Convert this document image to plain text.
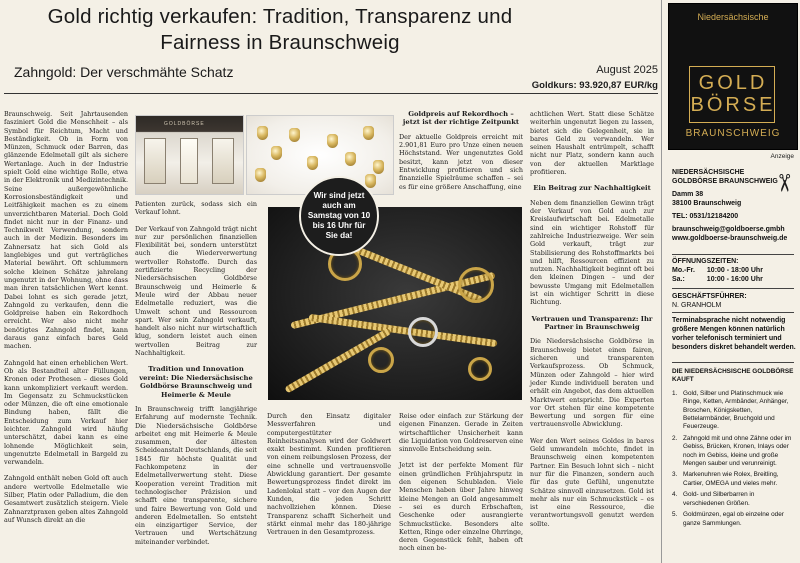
Gold richtig verkaufen: Tradition, Transparenz und
Fairness in Braunschweig
Zahngold: Der verschmähte Schatz	August 2025
Goldkurs: 93.920,87 EUR/kg

Braunschweig. Seit Jahrtausenden fasziniert Gold die Menschheit – als Symbol für Reichtum, Macht und Beständigkeit. Ob in Form von Münzen, Schmuck oder Barren, das glänzende Edelmetall gilt als sichere Wertanlage. Auch in der Industrie spielt Gold eine wichtige Rolle, etwa in der Elektronik und Medizintechnik. Seine außergewöhnliche Korrosionsbeständigkeit und Leitfähigkeit machen es zu einem unverzichtbaren Material. Doch Gold findet nicht nur in der Finanz- und Technikwelt Verwendung, sondern auch in der Medizin. Besonders im Zahnersatz hat sich Gold als langlebiges und gut verträgliches Material bewährt. Oft schlummern solche kleinen Schätze jahrelang ungenutzt in der Wohnung, ohne dass man ihren tatsächlichen Wert kennt. Dabei lohnt es sich gerade jetzt, Zahngold zu verkaufen, denn die Goldpreise haben ein Rekordhoch erreicht. Wer also nicht mehr benötigtes Zahngold findet, kann daraus ganz einfach bares Geld machen.

Zahngold hat einen erheblichen Wert. Ob als Bestandteil alter Füllungen, Kronen oder Prothesen – dieses Gold kann unkompliziert verkauft werden. Im Gegensatz zu Schmuckstücken oder Münzen, die oft eine emotionale Bindung haben, fällt die Entscheidung zum Verkauf hier leichter. Zahngold wird häufig unterschätzt, dabei kann es eine lohnende Möglichkeit sein, ungenutzte Edelmetall in Bargeld zu verwandeln.

Zahngold enthält neben Gold oft auch andere wertvolle Edelmetalle wie Silber, Platin oder Palladium, die den Gesamtwert zusätzlich steigern. Viele Zahnarztpraxen geben altes Zahngold auf Wunsch direkt an die

GOLDBÖRSE
Wir sind jetzt auch am Samstag von 10 bis 16 Uhr für Sie da!

Patienten zurück, sodass sich ein Verkauf lohnt.

Der Verkauf von Zahngold trägt nicht nur zur persönlichen finanziellen Flexibilität bei, sondern unterstützt auch die Wiederverwertung wertvoller Rohstoffe. Durch das zertifizierte Recycling der Niedersächsischen Goldbörse Braunschweig und Heimerle & Meule wird der Abbau neuer Edelmetalle reduziert, was die Umwelt schont und Ressourcen spart. Wer sein Zahngold verkauft, handelt also nicht nur wirtschaftlich klug, sondern leistet auch einen wertvollen Beitrag zur Nachhaltigkeit.

Tradition und Innovation vereint: Die Niedersächsische Goldbörse Braunschweig und Heimerle & Meule

In Braunschweig trifft langjährige Erfahrung auf modernste Technik. Die Niedersächsische Goldbörse arbeitet eng mit Heimerle & Meule zusammen, der ältesten Scheideanstalt Deutschlands, die seit 1845 für höchste Qualität und Fachkompetenz in der Edelmetallverwertung steht. Diese Kooperation vereint Tradition mit technologischer Präzision und schafft eine transparente, sichere und faire Bewertung von Gold und anderen Edelmetallen. So entsteht ein einzigartiger Service, der Vertrauen und Wertschätzung miteinander verbindet.

Goldpreis auf Rekordhoch – jetzt ist der richtige Zeitpunkt

Der aktuelle Goldpreis erreicht mit 2.901,81 Euro pro Unze einen neuen Höchststand. Wer ungenutztes Gold besitzt, kann jetzt von dieser Entwicklung profitieren und sich finanzielle Spielräume schaffen – sei es für eine größere Anschaffung, eine

achtlichen Wert. Statt diese Schätze weiterhin ungenutzt liegen zu lassen, bietet sich die Gelegenheit, sie in bares Geld zu verwandeln. Wer seinen Haushalt entrümpelt, schafft nicht nur Platz, sondern kann auch von der aktuellen Marktlage profitieren.

Ein Beitrag zur Nachhaltigkeit

Neben dem finanziellen Gewinn trägt der Verkauf von Gold auch zur Kreislaufwirtschaft bei. Edelmetalle sind ein wichtiger Rohstoff für zahlreiche Industriezweige. Wer sein Gold verkauft, trägt zur Stabilisierung des Rohstoffmarkts bei und hilft, Ressourcen effizient zu nutzen. Nachhaltigkeit beginnt oft bei den kleinen Dingen – und der bewusste Umgang mit Edelmetallen ist ein wichtiger Schritt in diese Richtung.

Vertrauen und Transparenz: Ihr Partner in Braunschweig

Die Niedersächsische Goldbörse in Braunschweig bietet einen fairen, sicheren und transparenten Verkaufsprozess. Ob Schmuck, Münzen oder Zahngold – hier wird jeder Kunde individuell beraten und erhält ein Angebot, das dem aktuellen Marktwert entspricht. Die Experten vor Ort stehen für eine kompetente Bewertung und sorgen für eine vertrauensvolle Abwicklung.

Wer den Wert seines Goldes in bares Geld umwandeln möchte, findet in Braunschweig einen kompetenten Partner. Ein Besuch lohnt sich – nicht nur für die Finanzen, sondern auch für das gute Gefühl, ungenutzte Schätze sinnvoll einzusetzen. Gold ist mehr als nur ein Schmuckstück – es ist eine Ressource, die verantwortungsvoll genutzt werden sollte.

Durch den Einsatz digitaler Messverfahren und computergestützter Reinheitsanalysen wird der Goldwert exakt bestimmt. Kunden profitieren von einem reibungslosen Prozess, der eine schnelle und vertrauensvolle Abwicklung garantiert. Der gesamte Bewertungsprozess findet direkt im Ladenlokal statt – vor den Augen der Kunden, die jeden Schritt nachvollziehen können. Diese Transparenz schafft Sicherheit und stärkt einmal mehr das 180-jährige Vertrauen in den Gesamtprozess.

Reise oder einfach zur Stärkung der eigenen Finanzen. Gerade in Zeiten wirtschaftlicher Unsicherheit kann die Liquidation von Goldreserven eine sinnvolle Entscheidung sein.

Jetzt ist der perfekte Moment für einen gründlichen Frühjahrsputz in den eigenen Schubladen. Viele Menschen haben über Jahre hinweg kleine Mengen an Gold angesammelt – sei es durch Erbschaften, Geschenke oder ausrangierte Schmuckstücke. Besonders alte Ketten, Ringe oder einzelne Ohrringe, deren Gegenstück fehlt, haben oft noch einen be-

Niedersächsische
GOLD
BÖRSE
BRAUNSCHWEIG
Anzeige
✂
NIEDERSÄCHSISCHE
GOLDBÖRSE BRAUNSCHWEIG
Damm 38
38100 Braunschweig
TEL: 0531/12184200
braunschweig@goldboerse.gmbh
www.goldboerse-braunschweig.de
ÖFFNUNGSZEITEN:
Mo.-Fr. 10:00 - 18:00 Uhr
Sa.:	10:00 - 16:00 Uhr
GESCHÄFTSFÜHRER:
N. GRANHOLM
Terminabsprache nicht notwendig größere Mengen können natürlich vorher telefonisch terminiert und besonders diskret behandelt werden.
DIE NIEDERSÄCHSISCHE GOLDBÖRSE KAUFT
1. Gold, Silber und Platinschmuck wie Ringe, Ketten, Armbänder, Anhänger, Broschen, Königsketten, Bettelarmbänder, Bruchgold und Feuerzeuge.
2. Zahngold mit und ohne Zähne oder im Gebiss, Brücken, Kronen, Inlays oder noch im Gebiss, kleine und große Mengen sauber und verunreinigt.
3. Markenuhren wie Rolex, Breitling, Cartier, OMEGA und vieles mehr.
4. Gold- und Silberbarren in verschiedenen Größen.
5. Goldmünzen, egal ob einzelne oder ganze Sammlungen.
